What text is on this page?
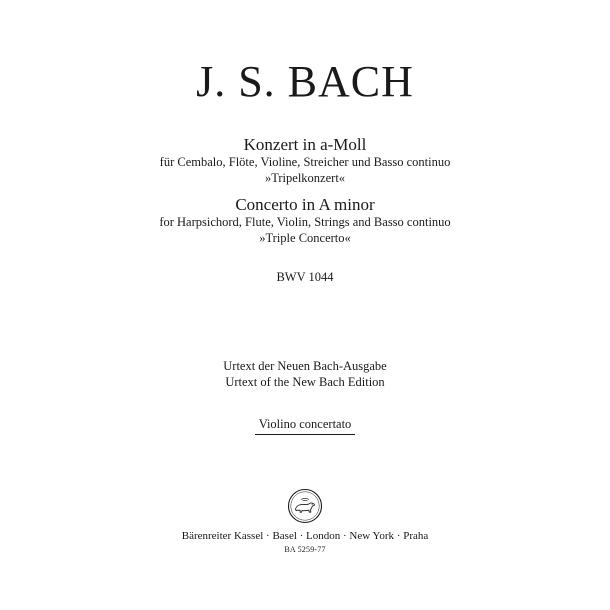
J. S. BACH
Konzert in a-Moll
für Cembalo, Flöte, Violine, Streicher und Basso continuo
»Tripelkonzert«
Concerto in A minor
for Harpsichord, Flute, Violin, Strings and Basso continuo
»Triple Concerto«
BWV 1044
Urtext der Neuen Bach-Ausgabe
Urtext of the New Bach Edition
Violino concertato
Bärenreiter Kassel · Basel · London · New York · Praha
BA 5259-77
